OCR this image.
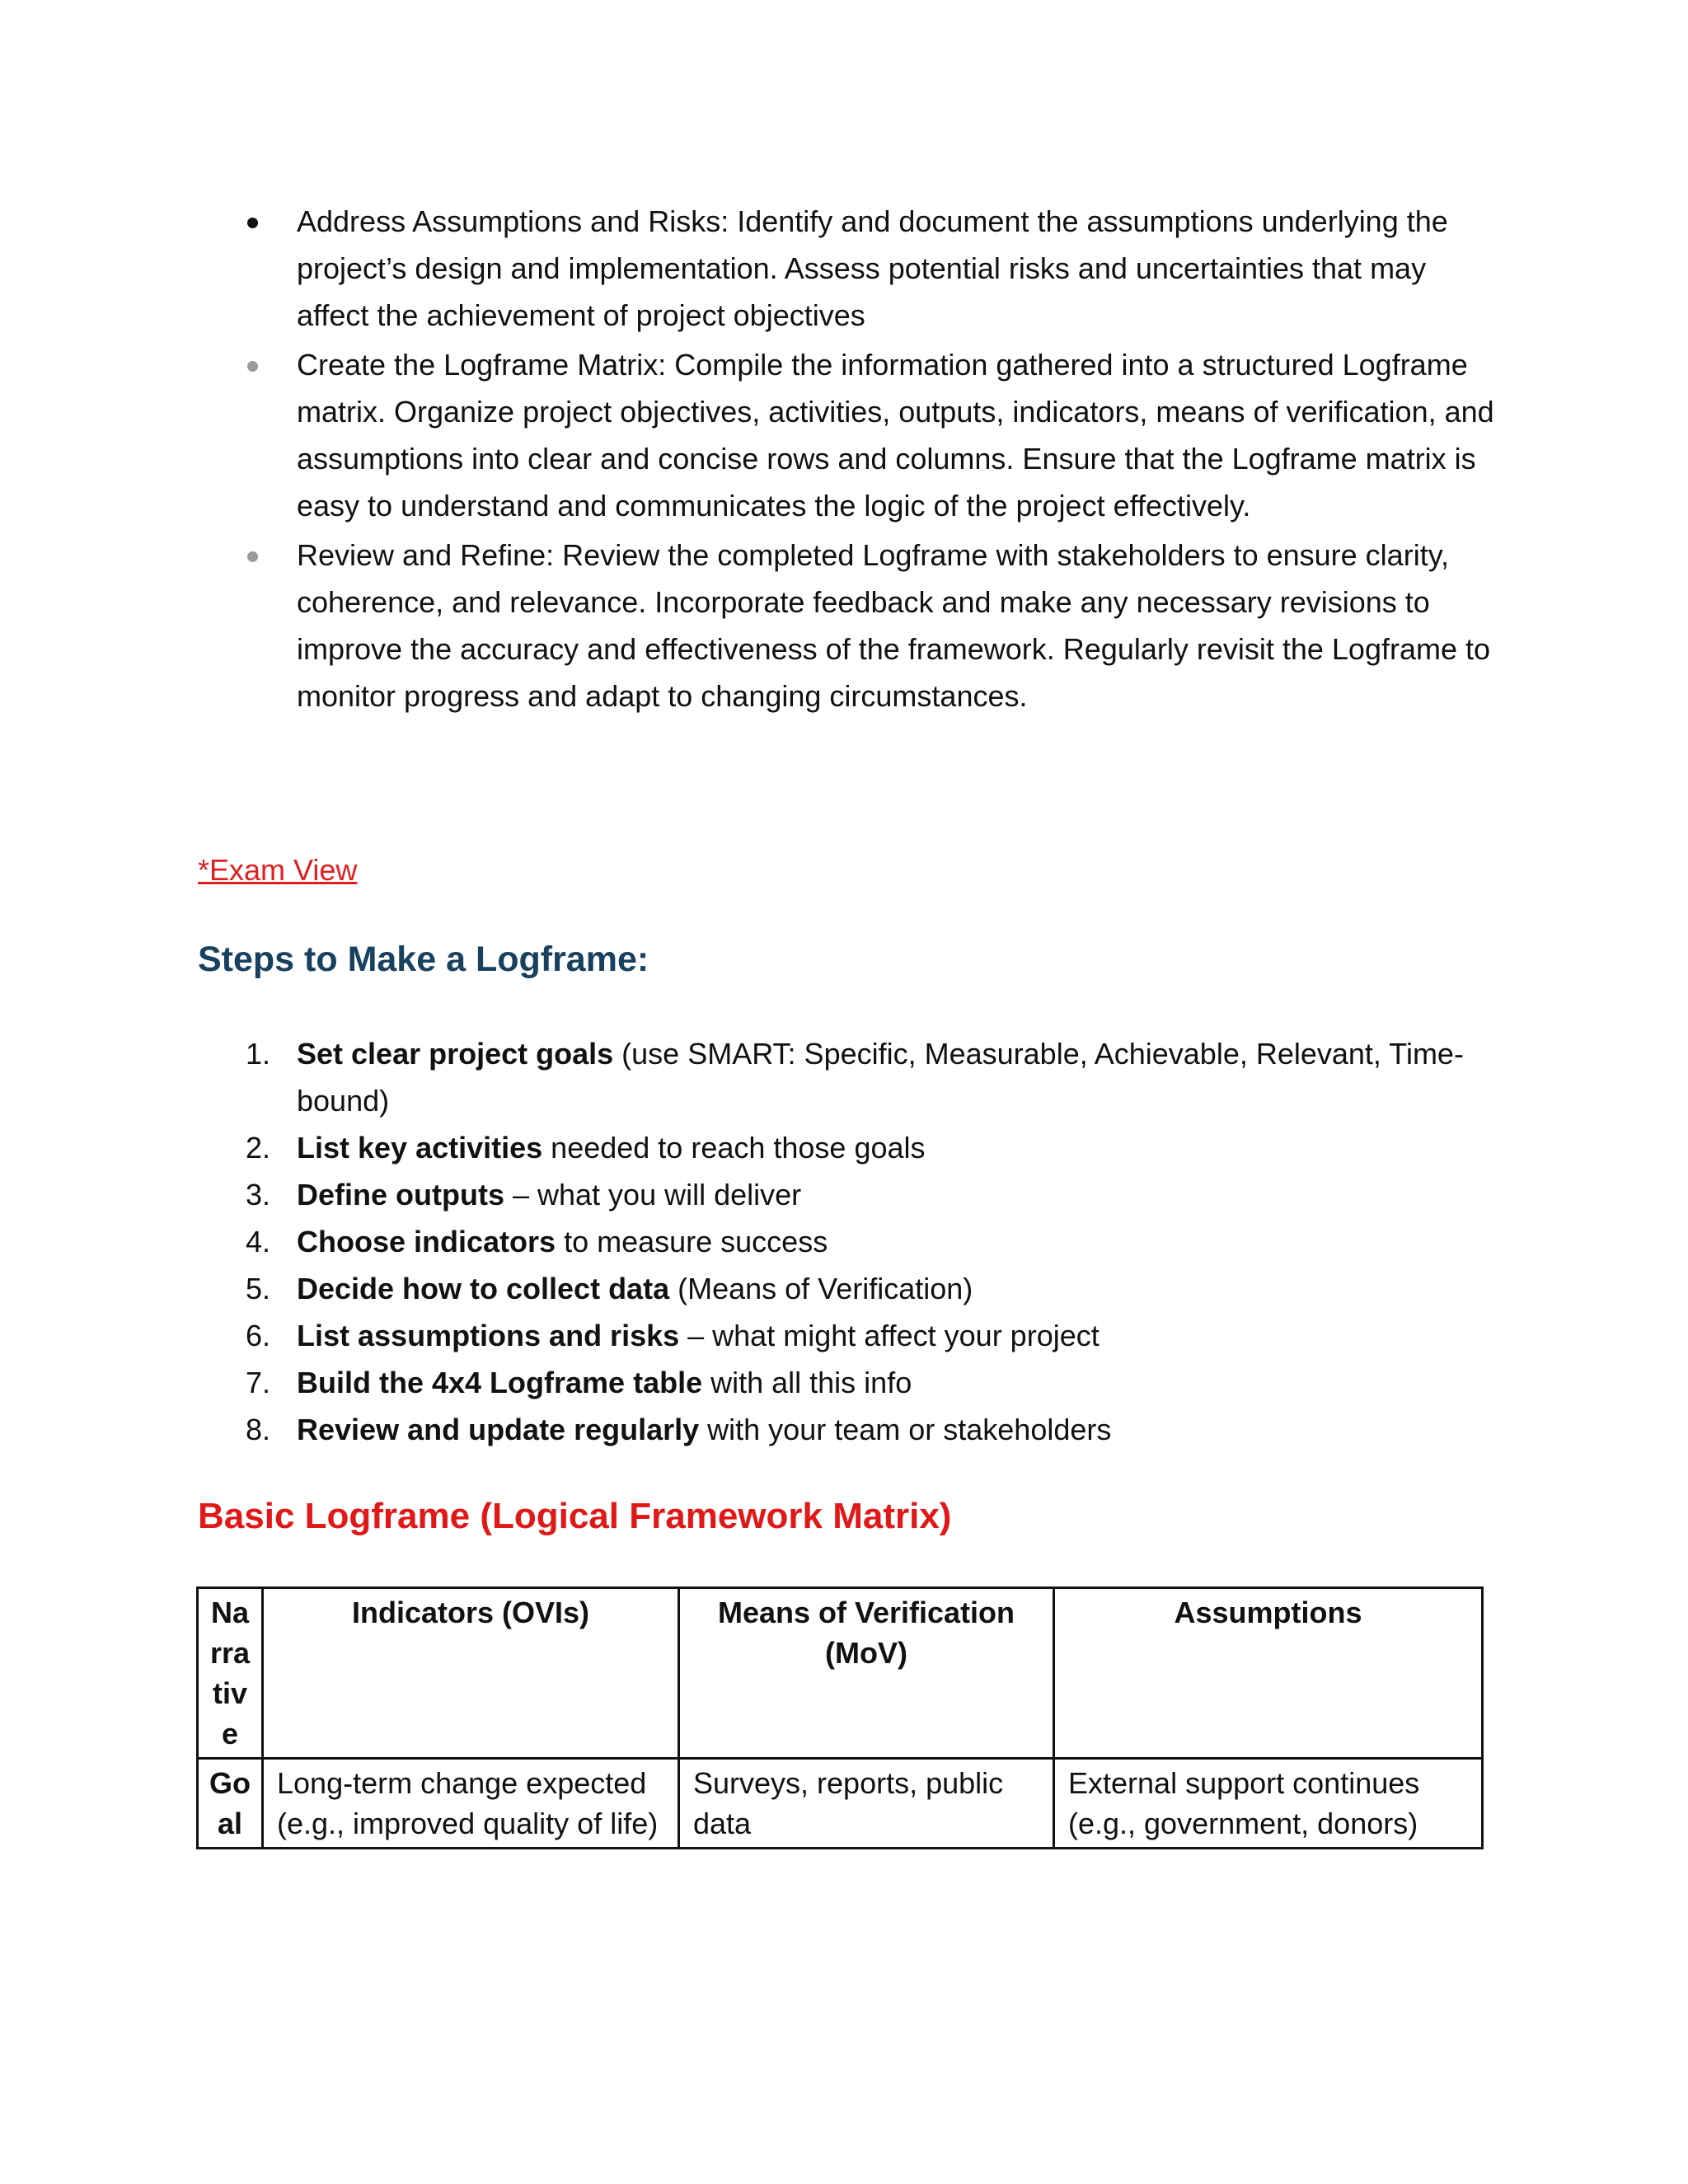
Address Assumptions and Risks: Identify and document the assumptions underlying the project’s design and implementation. Assess potential risks and uncertainties that may affect the achievement of project objectives
Create the Logframe Matrix: Compile the information gathered into a structured Logframe matrix. Organize project objectives, activities, outputs, indicators, means of verification, and assumptions into clear and concise rows and columns. Ensure that the Logframe matrix is easy to understand and communicates the logic of the project effectively.
Review and Refine: Review the completed Logframe with stakeholders to ensure clarity, coherence, and relevance. Incorporate feedback and make any necessary revisions to improve the accuracy and effectiveness of the framework. Regularly revisit the Logframe to monitor progress and adapt to changing circumstances.
*Exam View
Steps to Make a Logframe:
1. Set clear project goals (use SMART: Specific, Measurable, Achievable, Relevant, Time-bound)
2. List key activities needed to reach those goals
3. Define outputs – what you will deliver
4. Choose indicators to measure success
5. Decide how to collect data (Means of Verification)
6. List assumptions and risks – what might affect your project
7. Build the 4x4 Logframe table with all this info
8. Review and update regularly with your team or stakeholders
Basic Logframe (Logical Framework Matrix)
Narrative	Indicators (OVIs)	Means of Verification (MoV)	Assumptions
Goal	Long-term change expected (e.g., improved quality of life)	Surveys, reports, public data	External support continues (e.g., government, donors)
